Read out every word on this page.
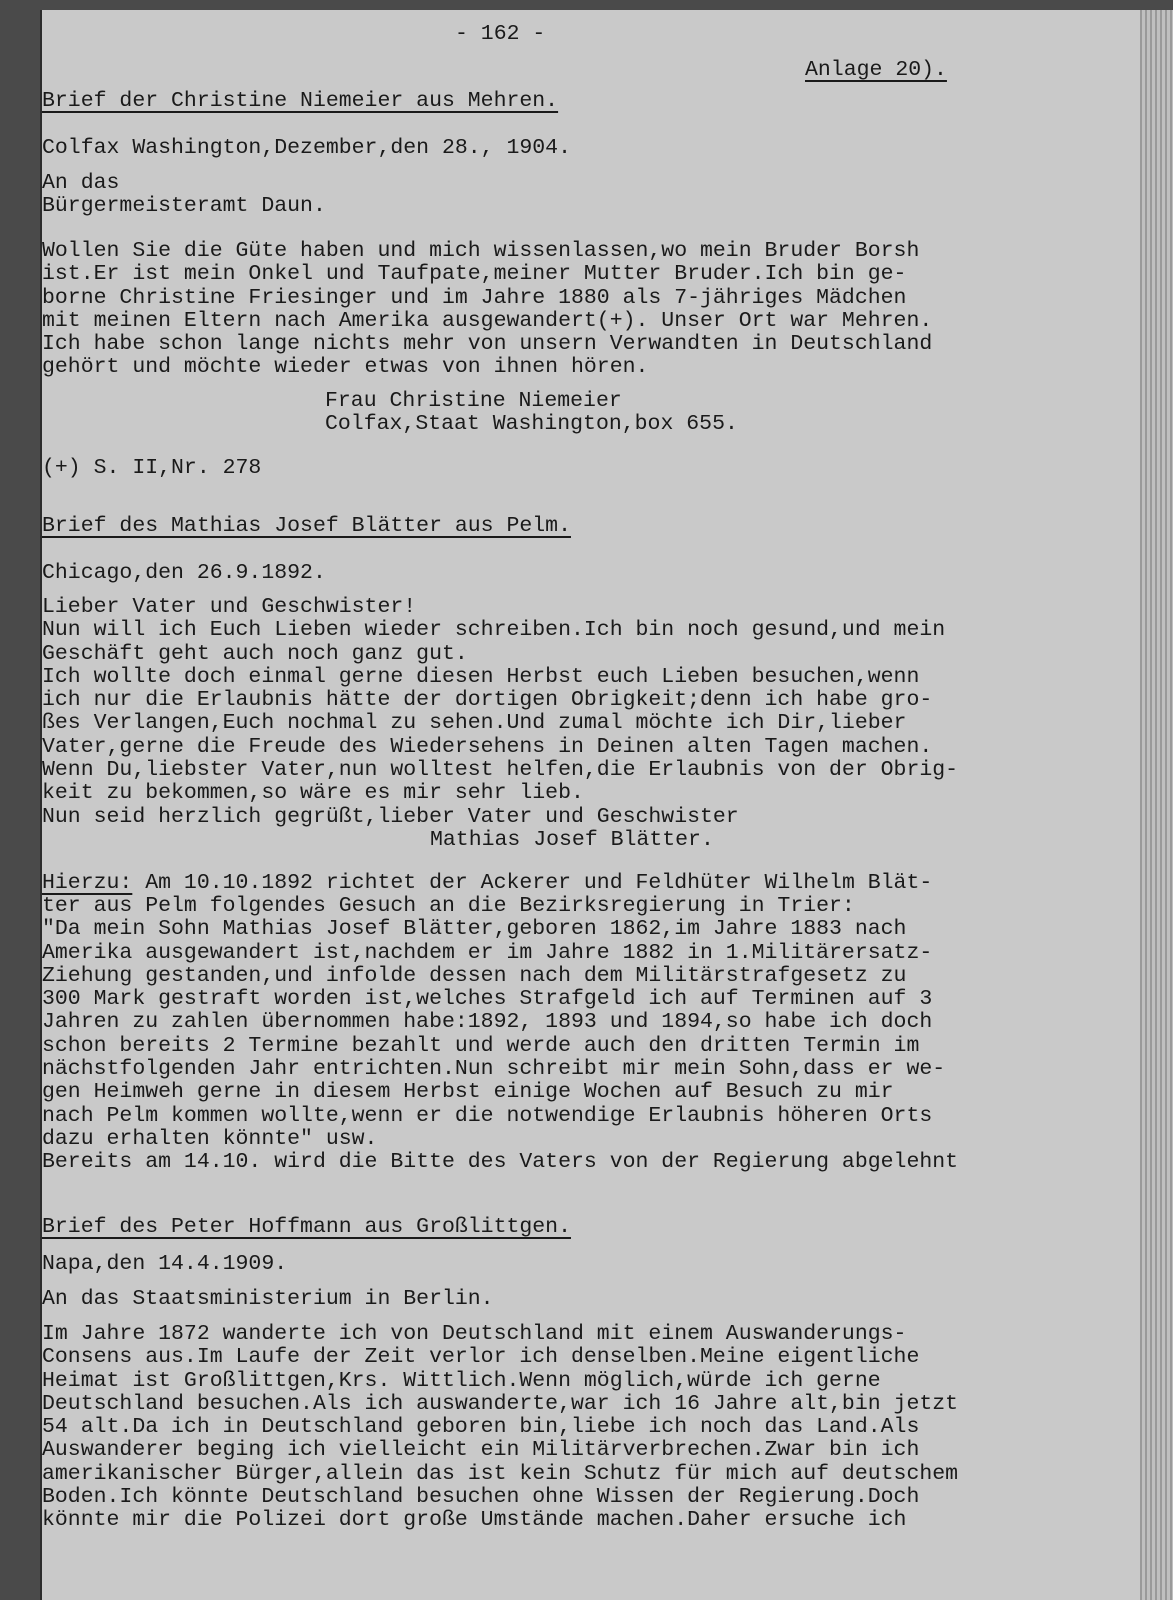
- 162 -
Anlage 20).
Brief der Christine Niemeier aus Mehren.
Colfax Washington,Dezember,den 28., 1904.
An das
Bürgermeisteramt Daun.
Wollen Sie die Güte haben und mich wissenlassen,wo mein Bruder Borsh
ist.Er ist mein Onkel und Taufpate,meiner Mutter Bruder.Ich bin ge-
borne Christine Friesinger und im Jahre 1880 als 7-jähriges Mädchen
mit meinen Eltern nach Amerika ausgewandert(+). Unser Ort war Mehren.
Ich habe schon lange nichts mehr von unsern Verwandten in Deutschland
gehört und möchte wieder etwas von ihnen hören.
Frau Christine Niemeier
Colfax,Staat Washington,box 655.
(+) S. II,Nr. 278
Brief des Mathias Josef Blätter aus Pelm.
Chicago,den 26.9.1892.
Lieber Vater und Geschwister!
Nun will ich Euch Lieben wieder schreiben.Ich bin noch gesund,und mein
Geschäft geht auch noch ganz gut.
Ich wollte doch einmal gerne diesen Herbst euch Lieben besuchen,wenn
ich nur die Erlaubnis hätte der dortigen Obrigkeit;denn ich habe gro-
ßes Verlangen,Euch nochmal zu sehen.Und zumal möchte ich Dir,lieber
Vater,gerne die Freude des Wiedersehens in Deinen alten Tagen machen.
Wenn Du,liebster Vater,nun wolltest helfen,die Erlaubnis von der Obrig-
keit zu bekommen,so wäre es mir sehr lieb.
Nun seid herzlich gegrüßt,lieber Vater und Geschwister
Mathias Josef Blätter.
Hierzu: Am 10.10.1892 richtet der Ackerer und Feldhüter Wilhelm Blät-
ter aus Pelm folgendes Gesuch an die Bezirksregierung in Trier:
"Da mein Sohn Mathias Josef Blätter,geboren 1862,im Jahre 1883 nach
Amerika ausgewandert ist,nachdem er im Jahre 1882 in 1.Militärersatz-
Ziehung gestanden,und infolde dessen nach dem Militärstrafgesetz zu
300 Mark gestraft worden ist,welches Strafgeld ich auf Terminen auf 3
Jahren zu zahlen übernommen habe:1892, 1893 und 1894,so habe ich doch
schon bereits 2 Termine bezahlt und werde auch den dritten Termin im
nächstfolgenden Jahr entrichten.Nun schreibt mir mein Sohn,dass er we-
gen Heimweh gerne in diesem Herbst einige Wochen auf Besuch zu mir
nach Pelm kommen wollte,wenn er die notwendige Erlaubnis höheren Orts
dazu erhalten könnte" usw.
Bereits am 14.10. wird die Bitte des Vaters von der Regierung abgelehnt
Brief des Peter Hoffmann aus Großlittgen.
Napa,den 14.4.1909.
An das Staatsministerium in Berlin.
Im Jahre 1872 wanderte ich von Deutschland mit einem Auswanderungs-
Consens aus.Im Laufe der Zeit verlor ich denselben.Meine eigentliche
Heimat ist Großlittgen,Krs. Wittlich.Wenn möglich,würde ich gerne
Deutschland besuchen.Als ich auswanderte,war ich 16 Jahre alt,bin jetzt
54 alt.Da ich in Deutschland geboren bin,liebe ich noch das Land.Als
Auswanderer beging ich vielleicht ein Militärverbrechen.Zwar bin ich
amerikanischer Bürger,allein das ist kein Schutz für mich auf deutschem
Boden.Ich könnte Deutschland besuchen ohne Wissen der Regierung.Doch
könnte mir die Polizei dort große Umstände machen.Daher ersuche ich
